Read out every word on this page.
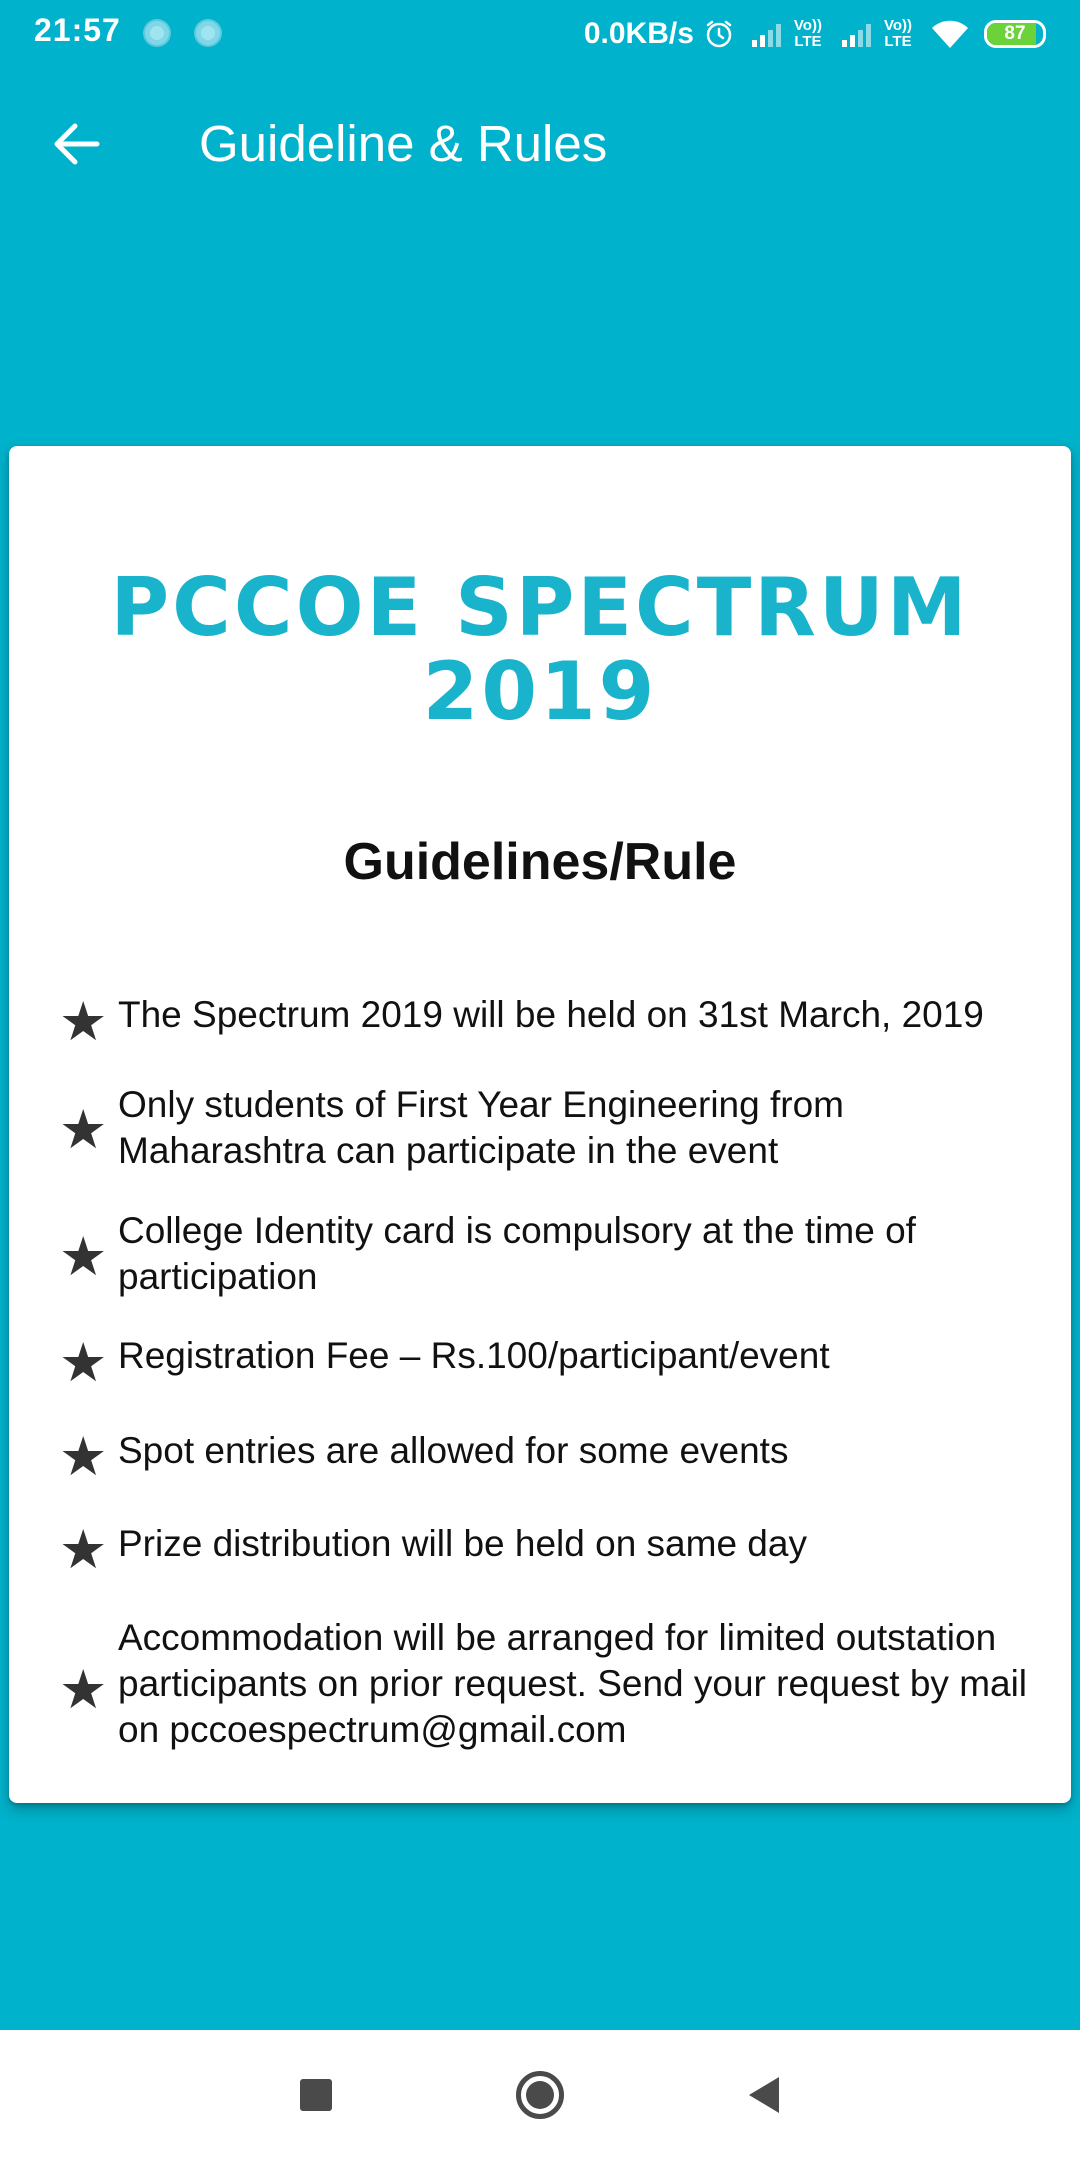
21:57	0.0KB/s	Vo))
LTE
Vo))
LTE	87
Guideline & Rules
PCCOE SPECTRUM
2019
Guidelines/Rule
★ The Spectrum 2019 will be held on 31st March, 2019
★ Only students of First Year Engineering from Maharashtra can participate in the event
★ College Identity card is compulsory at the time of participation
★ Registration Fee – Rs.100/participant/event
★ Spot entries are allowed for some events
★ Prize distribution will be held on same day
★
Accommodation will be arranged for limited outstation participants on prior request. Send your request by mail on pccoespectrum@gmail.com
